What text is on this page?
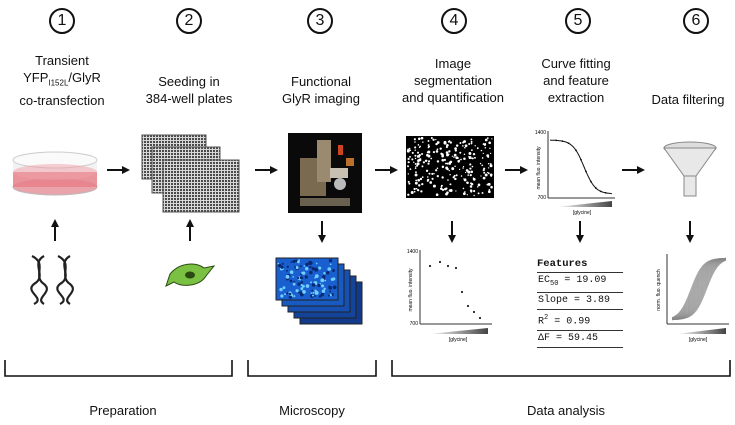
1	2	3	4	5	6
Transient
$YFP_{I152L}$/GlyR
co-transfection
Seeding in
384-well plates
Functional
GlyR imaging
Image
segmentation
and quantification
Curve fitting
and feature
extraction	Data filtering
1400
700
mean fluo. intensity
[glycine]
1400
700
mean fluo. intensity
[glycine]
norm. fluo. quench
[glycine]
Features
$EC_{50} = 19.09$
Slope = 3.89
$R^2 = 0.99$
ΔF = 59.45
Preparation	Microscopy	Data analysis
